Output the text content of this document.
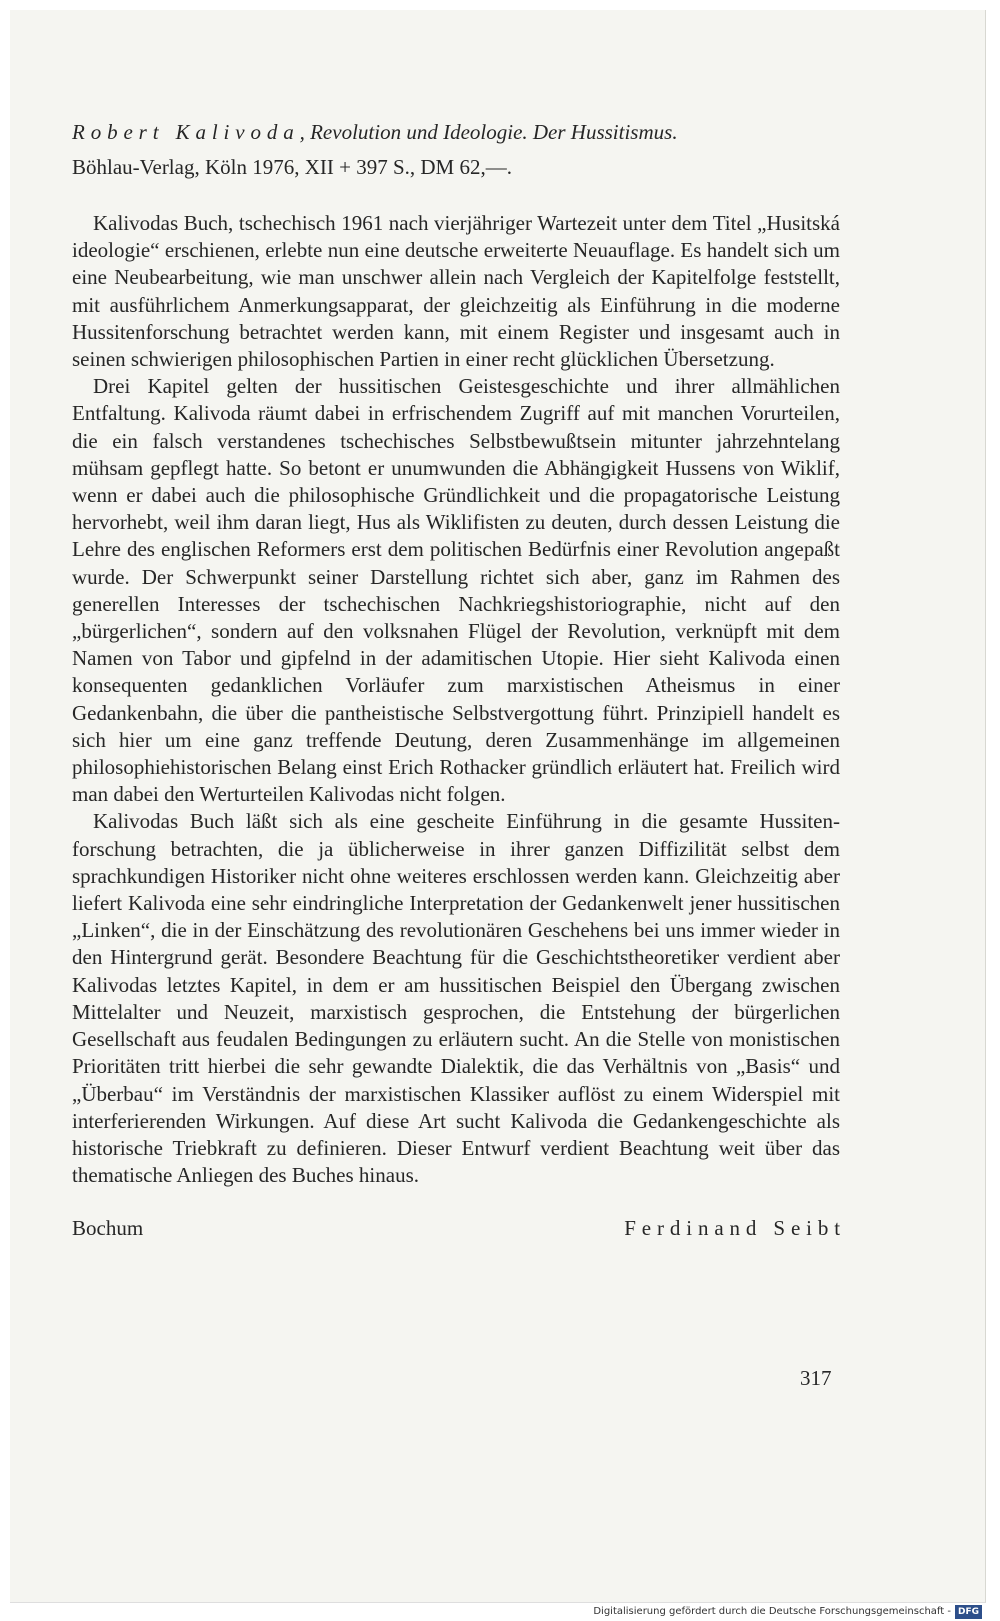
Robert Kalivoda, Revolution und Ideologie. Der Hussitismus.

Böhlau-Verlag, Köln 1976, XII + 397 S., DM 62,—.

Kalivodas Buch, tschechisch 1961 nach vierjähriger Wartezeit unter dem Titel „Husitská ideologie“ erschienen, erlebte nun eine deutsche erweiterte Neuauflage. Es handelt sich um eine Neubearbeitung, wie man unschwer allein nach Vergleich der Kapitelfolge feststellt, mit ausführlichem Anmerkungsapparat, der gleichzeitig als Einführung in die moderne Hussitenforschung betrachtet werden kann, mit einem Register und insgesamt auch in seinen schwierigen philosophischen Partien in einer recht glücklichen Übersetzung.

Drei Kapitel gelten der hussitischen Geistesgeschichte und ihrer allmählichen Entfaltung. Kalivoda räumt dabei in erfrischendem Zugriff auf mit manchen Vorurteilen, die ein falsch verstandenes tschechisches Selbstbewußtsein mitunter jahrzehntelang mühsam gepflegt hatte. So betont er unumwunden die Abhängigkeit Hussens von Wiklif, wenn er dabei auch die philosophische Gründlichkeit und die propagatorische Leistung hervorhebt, weil ihm daran liegt, Hus als Wiklifisten zu deuten, durch dessen Leistung die Lehre des englischen Reformers erst dem politischen Bedürfnis einer Revolution angepaßt wurde. Der Schwerpunkt seiner Darstellung richtet sich aber, ganz im Rahmen des generellen Interesses der tschechischen Nachkriegshistoriographie, nicht auf den „bürgerlichen“, sondern auf den volksnahen Flügel der Revolution, verknüpft mit dem Namen von Tabor und gipfelnd in der adamitischen Utopie. Hier sieht Kalivoda einen konsequenten gedanklichen Vorläufer zum marxistischen Atheismus in einer Gedankenbahn, die über die pantheistische Selbstvergottung führt. Prinzipiell handelt es sich hier um eine ganz treffende Deutung, deren Zusammenhänge im allgemeinen philosophiehistorischen Belang einst Erich Rothacker gründlich erläutert hat. Freilich wird man dabei den Werturteilen Kalivodas nicht folgen.

Kalivodas Buch läßt sich als eine gescheite Einführung in die gesamte Hussitenforschung betrachten, die ja üblicherweise in ihrer ganzen Diffizilität selbst dem sprachkundigen Historiker nicht ohne weiteres erschlossen werden kann. Gleichzeitig aber liefert Kalivoda eine sehr eindringliche Interpretation der Gedankenwelt jener hussitischen „Linken“, die in der Einschätzung des revolutionären Geschehens bei uns immer wieder in den Hintergrund gerät. Besondere Beachtung für die Geschichtstheoretiker verdient aber Kalivodas letztes Kapitel, in dem er am hussitischen Beispiel den Übergang zwischen Mittelalter und Neuzeit, marxistisch gesprochen, die Entstehung der bürgerlichen Gesellschaft aus feudalen Bedingungen zu erläutern sucht. An die Stelle von monistischen Prioritäten tritt hierbei die sehr gewandte Dialektik, die das Verhältnis von „Basis“ und „Überbau“ im Verständnis der marxistischen Klassiker auflöst zu einem Widerspiel mit interferierenden Wirkungen. Auf diese Art sucht Kalivoda die Gedankengeschichte als historische Triebkraft zu definieren. Dieser Entwurf verdient Beachtung weit über das thematische Anliegen des Buches hinaus.

Bochum	Ferdinand Seibt
317
Digitalisierung gefördert durch die Deutsche Forschungsgemeinschaft - DFG
